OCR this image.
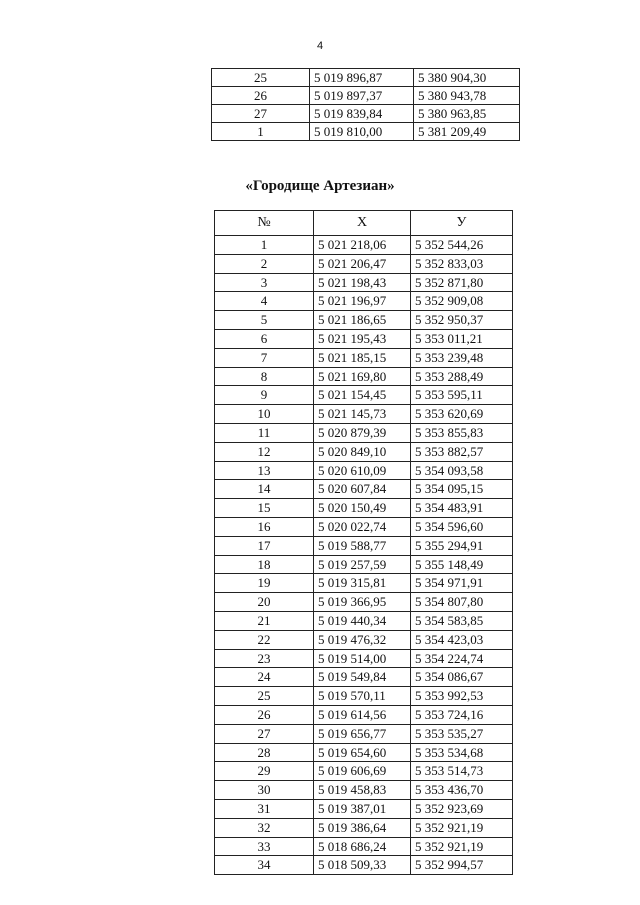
4
25	5 019 896,87	5 380 904,30
26	5 019 897,37	5 380 943,78
27	5 019 839,84	5 380 963,85
1	5 019 810,00	5 381 209,49
«Городище Артезиан»
№	X	У
1	5 021 218,06	5 352 544,26
2	5 021 206,47	5 352 833,03
3	5 021 198,43	5 352 871,80
4	5 021 196,97	5 352 909,08
5	5 021 186,65	5 352 950,37
6	5 021 195,43	5 353 011,21
7	5 021 185,15	5 353 239,48
8	5 021 169,80	5 353 288,49
9	5 021 154,45	5 353 595,11
10	5 021 145,73	5 353 620,69
11	5 020 879,39	5 353 855,83
12	5 020 849,10	5 353 882,57
13	5 020 610,09	5 354 093,58
14	5 020 607,84	5 354 095,15
15	5 020 150,49	5 354 483,91
16	5 020 022,74	5 354 596,60
17	5 019 588,77	5 355 294,91
18	5 019 257,59	5 355 148,49
19	5 019 315,81	5 354 971,91
20	5 019 366,95	5 354 807,80
21	5 019 440,34	5 354 583,85
22	5 019 476,32	5 354 423,03
23	5 019 514,00	5 354 224,74
24	5 019 549,84	5 354 086,67
25	5 019 570,11	5 353 992,53
26	5 019 614,56	5 353 724,16
27	5 019 656,77	5 353 535,27
28	5 019 654,60	5 353 534,68
29	5 019 606,69	5 353 514,73
30	5 019 458,83	5 353 436,70
31	5 019 387,01	5 352 923,69
32	5 019 386,64	5 352 921,19
33	5 018 686,24	5 352 921,19
34	5 018 509,33	5 352 994,57
